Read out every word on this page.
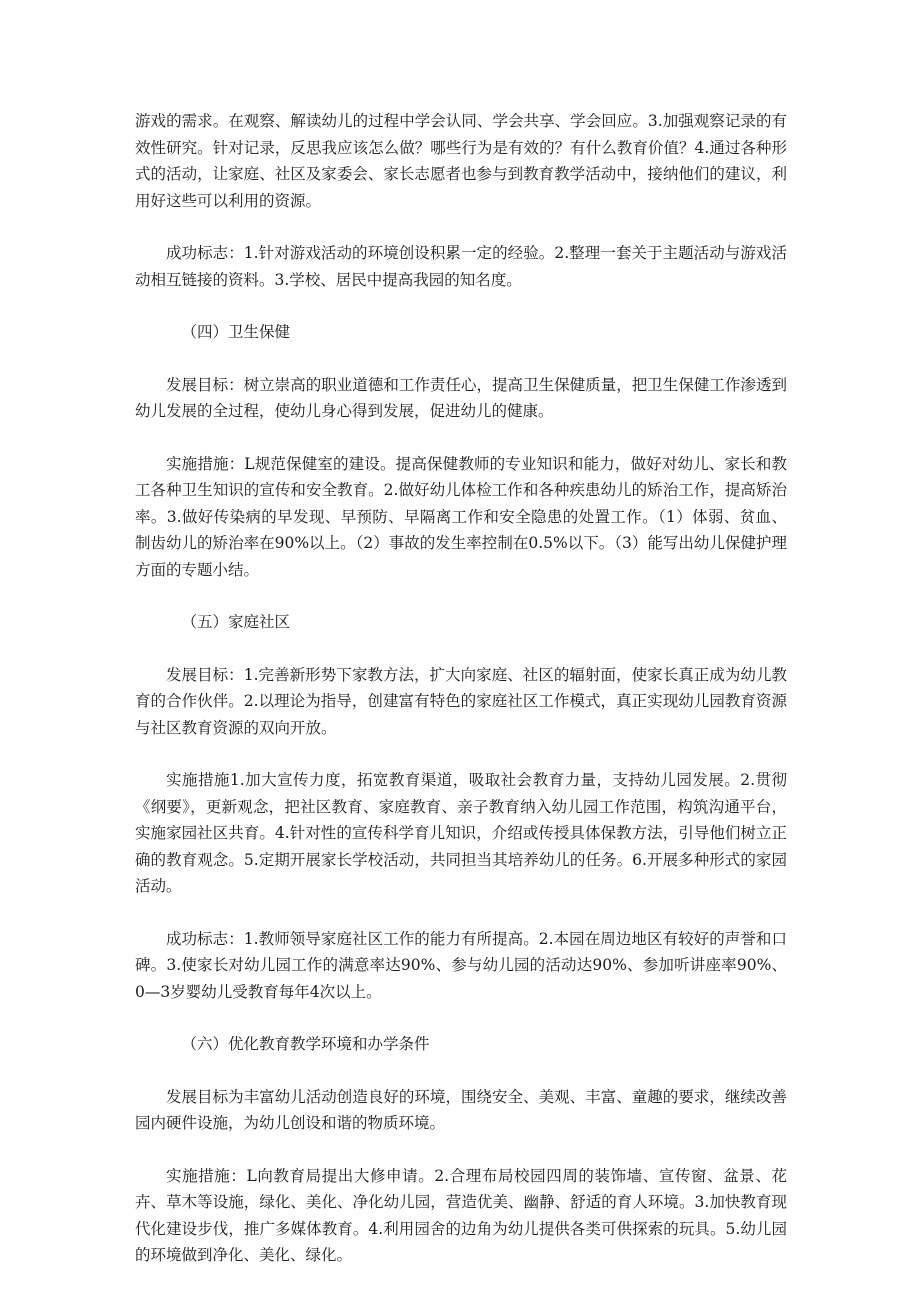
游戏的需求。在观察、解读幼儿的过程中学会认同、学会共享、学会回应。3.加强观察记录的有效性研究。针对记录，反思我应该怎么做？哪些行为是有效的？有什么教育价值？4.通过各种形式的活动，让家庭、社区及家委会、家长志愿者也参与到教育教学活动中，接纳他们的建议，利用好这些可以利用的资源。

成功标志：1.针对游戏活动的环境创设积累一定的经验。2.整理一套关于主题活动与游戏活动相互链接的资料。3.学校、居民中提高我园的知名度。

（四）卫生保健

发展目标：树立崇高的职业道德和工作责任心，提高卫生保健质量，把卫生保健工作渗透到幼儿发展的全过程，使幼儿身心得到发展，促进幼儿的健康。

实施措施：L规范保健室的建设。提高保健教师的专业知识和能力，做好对幼儿、家长和教工各种卫生知识的宣传和安全教育。2.做好幼儿体检工作和各种疾患幼儿的矫治工作，提高矫治率。3.做好传染病的早发现、早预防、早隔离工作和安全隐患的处置工作。（1）体弱、贫血、制齿幼儿的矫治率在90%以上。（2）事故的发生率控制在0.5%以下。（3）能写出幼儿保健护理方面的专题小结。

（五）家庭社区

发展目标：1.完善新形势下家教方法，扩大向家庭、社区的辐射面，使家长真正成为幼儿教育的合作伙伴。2.以理论为指导，创建富有特色的家庭社区工作模式，真正实现幼儿园教育资源与社区教育资源的双向开放。

实施措施1.加大宣传力度，拓宽教育渠道，吸取社会教育力量，支持幼儿园发展。2.贯彻《纲要》，更新观念，把社区教育、家庭教育、亲子教育纳入幼儿园工作范围，构筑沟通平台，实施家园社区共育。4.针对性的宣传科学育儿知识，介绍或传授具体保教方法，引导他们树立正确的教育观念。5.定期开展家长学校活动，共同担当其培养幼儿的任务。6.开展多种形式的家园活动。

成功标志：1.教师领导家庭社区工作的能力有所提高。2.本园在周边地区有较好的声誉和口碑。3.使家长对幼儿园工作的满意率达90%、参与幼儿园的活动达90%、参加听讲座率90%、0—3岁婴幼儿受教育每年4次以上。

（六）优化教育教学环境和办学条件

发展目标为丰富幼儿活动创造良好的环境，围绕安全、美观、丰富、童趣的要求，继续改善园内硬件设施，为幼儿创设和谐的物质环境。

实施措施：L向教育局提出大修申请。2.合理布局校园四周的装饰墙、宣传窗、盆景、花卉、草木等设施，绿化、美化、净化幼儿园，营造优美、幽静、舒适的育人环境。3.加快教育现代化建设步伐，推广多媒体教育。4.利用园舍的边角为幼儿提供各类可供探索的玩具。5.幼儿园的环境做到净化、美化、绿化。
